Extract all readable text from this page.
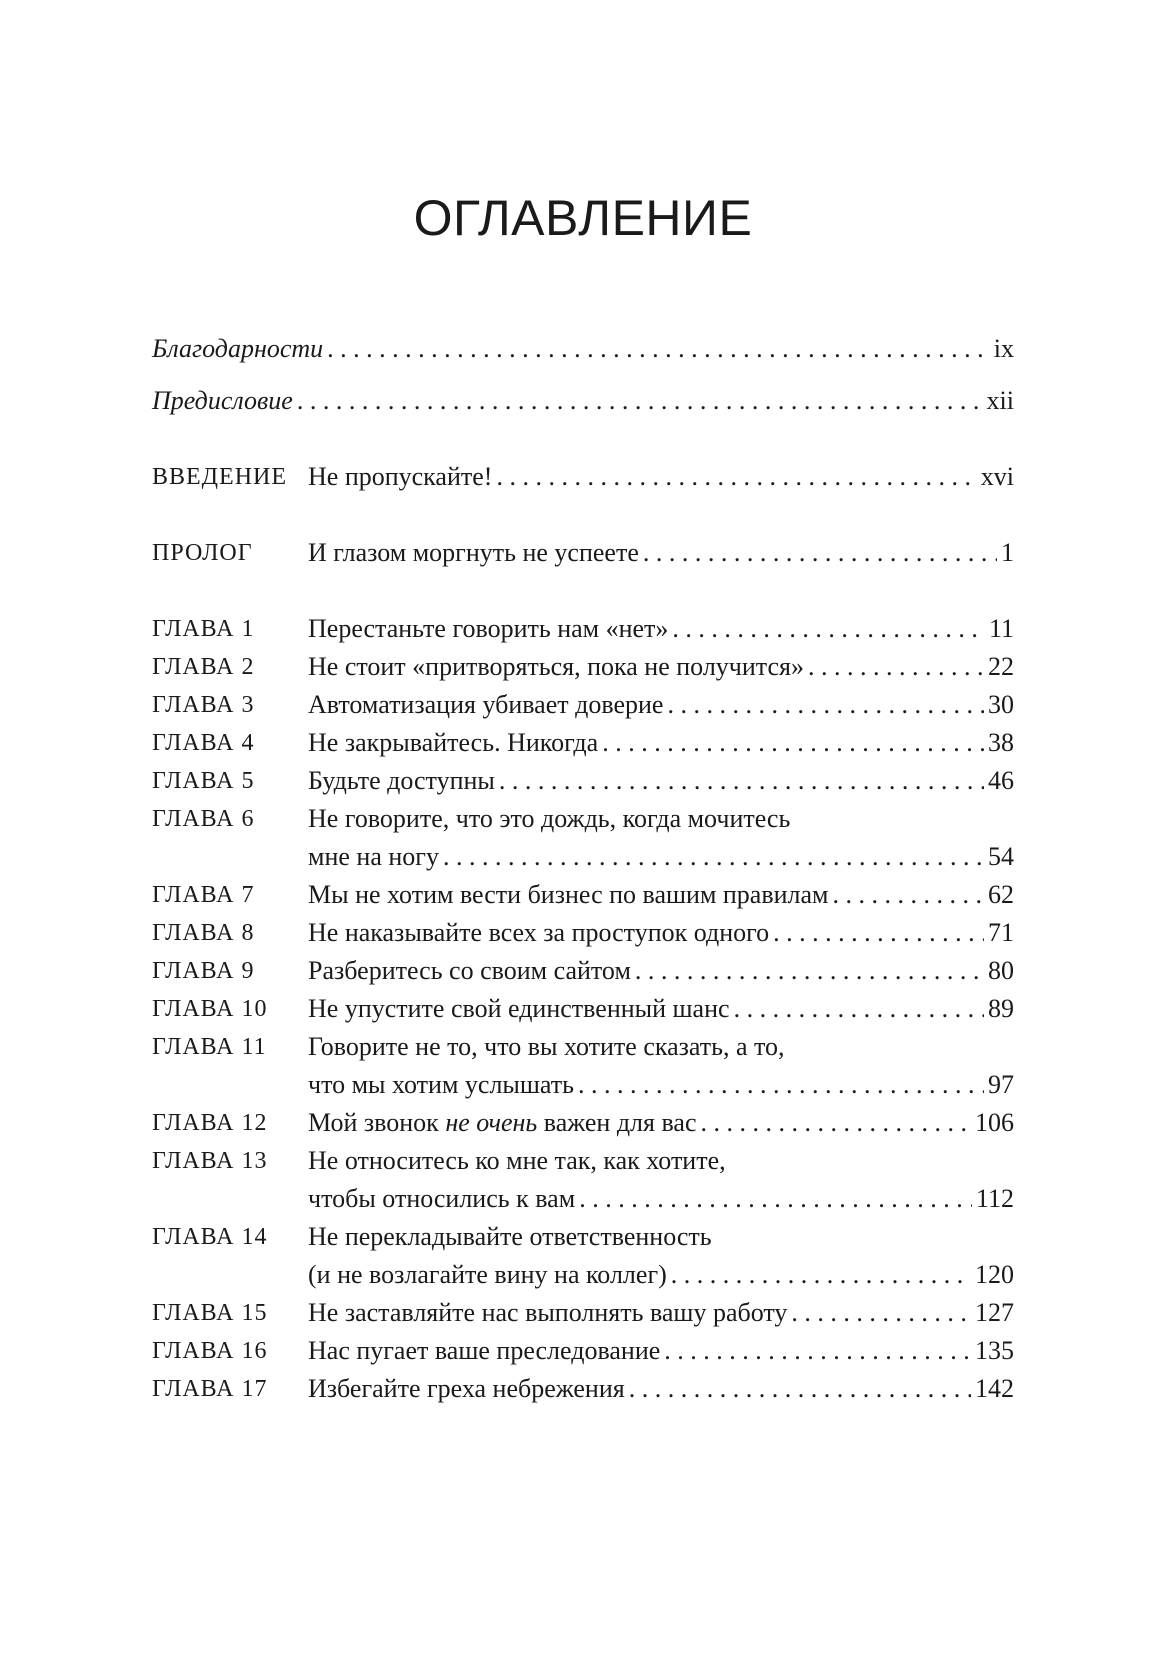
ОГЛАВЛЕНИЕ
Благодарности . . .	ix
Предисловие . . .	xii
ВВЕДЕНИЕ Не пропускайте! . . .	xvi
ПРОЛОГ И глазом моргнуть не успеете . . .	1
ГЛАВА 1 Перестаньте говорить нам «нет» . . .	11
ГЛАВА 2 Не стоит «притворяться, пока не получится» . . .	22
ГЛАВА 3 Автоматизация убивает доверие . . .	30
ГЛАВА 4 Не закрывайтесь. Никогда . . .	38
ГЛАВА 5 Будьте доступны . . .	46
ГЛАВА 6 Не говорите, что это дождь, когда мочитесь
мне на ногу . . .	54
ГЛАВА 7 Мы не хотим вести бизнес по вашим правилам . . .	62
ГЛАВА 8 Не наказывайте всех за проступок одного . . .	71
ГЛАВА 9 Разберитесь со своим сайтом . . .	80
ГЛАВА 10 Не упустите свой единственный шанс . . .	89
ГЛАВА 11 Говорите не то, что вы хотите сказать, а то,
что мы хотим услышать . . .	97
ГЛАВА 12 Мой звонок не очень важен для вас . . .	106
ГЛАВА 13 Не относитесь ко мне так, как хотите,
чтобы относились к вам . . .	112
ГЛАВА 14 Не перекладывайте ответственность
(и не возлагайте вину на коллег) . . .	120
ГЛАВА 15 Не заставляйте нас выполнять вашу работу . . .	127
ГЛАВА 16 Нас пугает ваше преследование . . .	135
ГЛАВА 17 Избегайте греха небрежения . . .	142
